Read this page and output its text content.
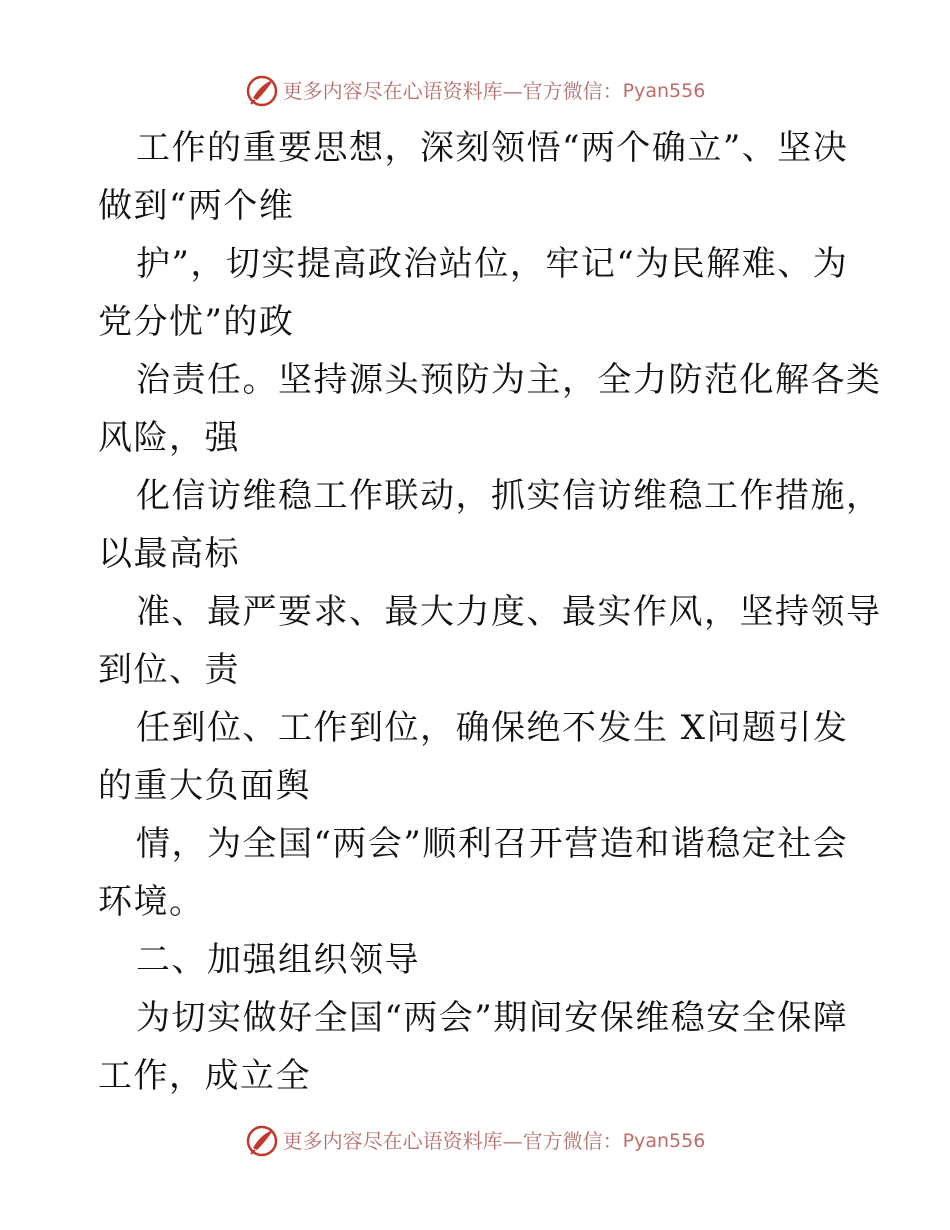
更多内容尽在心语资料库 — 官方微信： Pyan556
工作的重要思想，深刻领悟“两个确立”、坚决
做到“两个维
护”，切实提高政治站位，牢记“为民解难、为
党分忧”的政
治责任。坚持源头预防为主，全力防范化解各类
风险，强
化信访维稳工作联动，抓实信访维稳工作措施，
以最高标
准、最严要求、最大力度、最实作风，坚持领导
到位、责
任到位、工作到位，确保绝不发生 X问题引发
的重大负面舆
情，为全国“两会”顺利召开营造和谐稳定社会
环境。
二、加强组织领导
为切实做好全国“两会”期间安保维稳安全保障
工作，成立全
更多内容尽在心语资料库 — 官方微信： Pyan556
